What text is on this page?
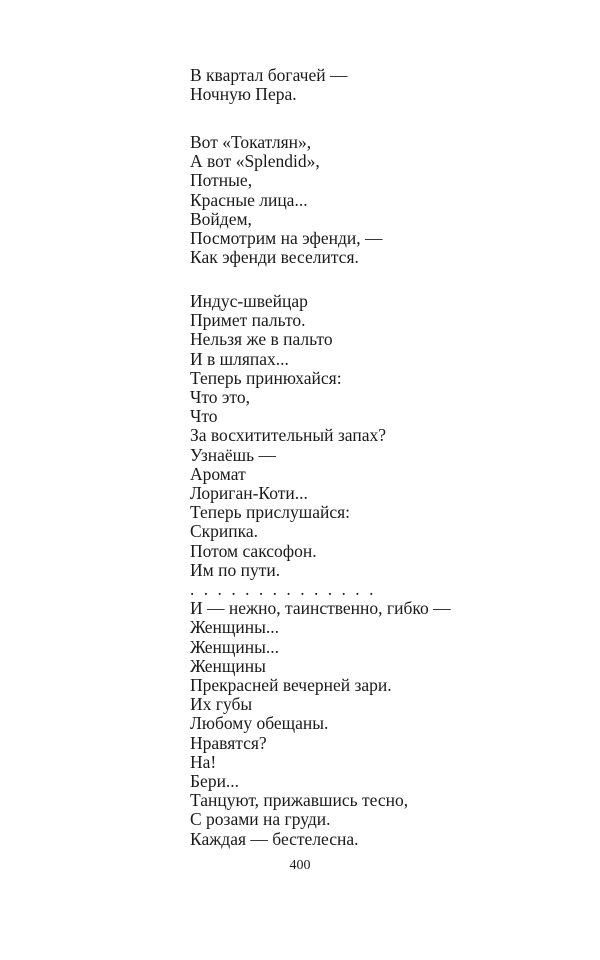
В квартал богачей —
Ночную Пера.
Вот «Токатлян»,
А вот «Splendid»,
Потные,
Красные лица...
Войдем,
Посмотрим на эфенди, —
Как эфенди веселится.
Индус-швейцар
Примет пальто.
Нельзя же в пальто
И в шляпах...
Теперь принюхайся:
Что это,
Что
За восхитительный запах?
Узнаёшь —
Аромат
Лориган-Коти...
Теперь прислушайся:
Скрипка.
Потом саксофон.
Им по пути.
..............
И — нежно, таинственно, гибко —
Женщины...
Женщины...
Женщины
Прекрасней вечерней зари.
Их губы
Любому обещаны.
Нравятся?
На!
Бери...
Танцуют, прижавшись тесно,
С розами на груди.
Каждая — бестелесна.
400
